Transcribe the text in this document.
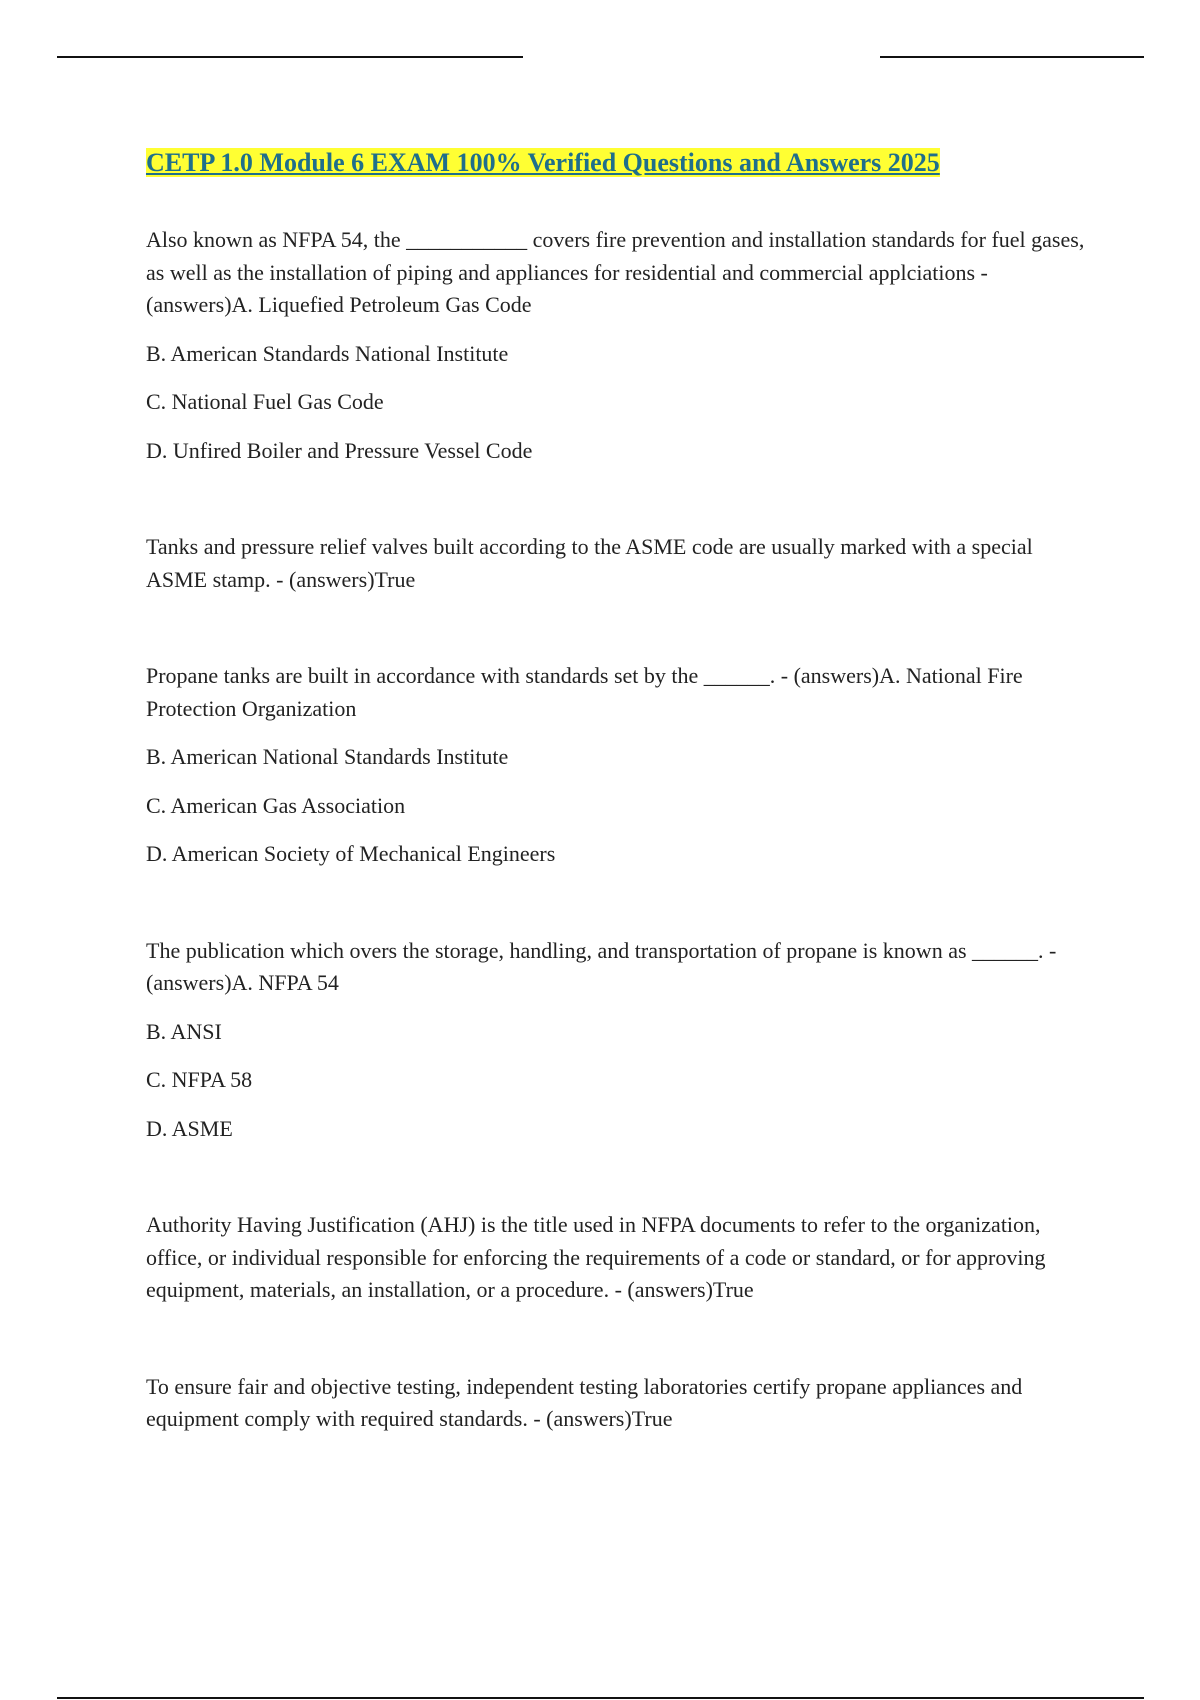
CETP 1.0 Module 6 EXAM 100% Verified Questions and Answers 2025

Also known as NFPA 54, the ___________ covers fire prevention and installation standards for fuel gases, as well as the installation of piping and appliances for residential and commercial applciations - (answers)A. Liquefied Petroleum Gas Code

B. American Standards National Institute

C. National Fuel Gas Code

D. Unfired Boiler and Pressure Vessel Code

Tanks and pressure relief valves built according to the ASME code are usually marked with a special ASME stamp. - (answers)True

Propane tanks are built in accordance with standards set by the ______. - (answers)A. National Fire Protection Organization

B. American National Standards Institute

C. American Gas Association

D. American Society of Mechanical Engineers

The publication which overs the storage, handling, and transportation of propane is known as ______. - (answers)A. NFPA 54

B. ANSI

C. NFPA 58

D. ASME

Authority Having Justification (AHJ) is the title used in NFPA documents to refer to the organization, office, or individual responsible for enforcing the requirements of a code or standard, or for approving equipment, materials, an installation, or a procedure. - (answers)True

To ensure fair and objective testing, independent testing laboratories certify propane appliances and equipment comply with required standards. - (answers)True
